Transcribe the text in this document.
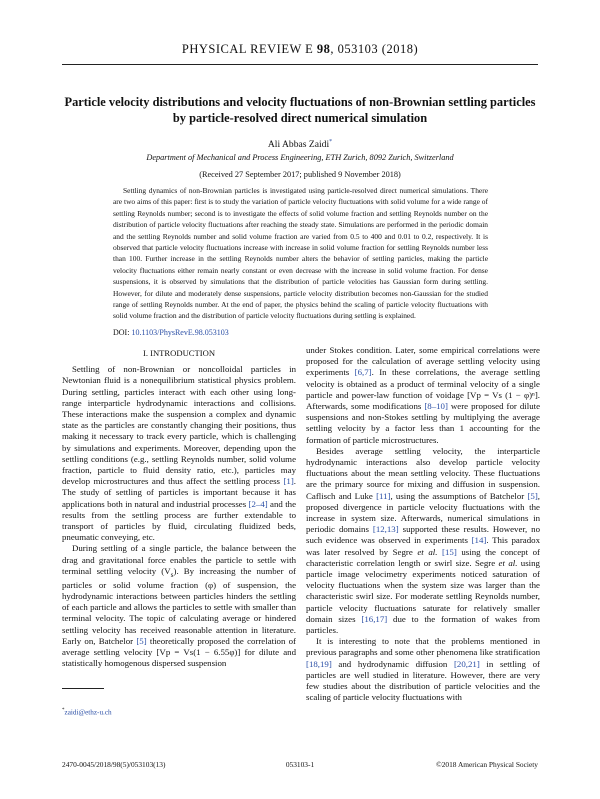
PHYSICAL REVIEW E 98, 053103 (2018)
Particle velocity distributions and velocity fluctuations of non-Brownian settling particles by particle-resolved direct numerical simulation
Ali Abbas Zaidi*
Department of Mechanical and Process Engineering, ETH Zurich, 8092 Zurich, Switzerland
(Received 27 September 2017; published 9 November 2018)
Settling dynamics of non-Brownian particles is investigated using particle-resolved direct numerical simulations. There are two aims of this paper: first is to study the variation of particle velocity fluctuations with solid volume for a wide range of settling Reynolds number; second is to investigate the effects of solid volume fraction and settling Reynolds number on the distribution of particle velocity fluctuations after reaching the steady state. Simulations are performed in the periodic domain and the settling Reynolds number and solid volume fraction are varied from 0.5 to 400 and 0.01 to 0.2, respectively. It is observed that particle velocity fluctuations increase with increase in solid volume fraction for settling Reynolds number less than 100. Further increase in the settling Reynolds number alters the behavior of settling particles, making the particle velocity fluctuations either remain nearly constant or even decrease with the increase in solid volume fraction. For dense suspensions, it is observed by simulations that the distribution of particle velocities has Gaussian form during settling. However, for dilute and moderately dense suspensions, particle velocity distribution becomes non-Gaussian for the studied range of settling Reynolds number. At the end of paper, the physics behind the scaling of particle velocity fluctuations with solid volume fraction and the distribution of particle velocity fluctuations during settling is explained.
DOI: 10.1103/PhysRevE.98.053103

I. INTRODUCTION

Settling of non-Brownian or noncolloidal particles in Newtonian fluid is a nonequilibrium statistical physics problem. During settling, particles interact with each other using long-range interparticle hydrodynamic interactions and collisions. These interactions make the suspension a complex and dynamic state as the particles are constantly changing their positions, thus making it necessary to track every particle, which is challenging by simulations and experiments. Moreover, depending upon the settling conditions (e.g., settling Reynolds number, solid volume fraction, particle to fluid density ratio, etc.), particles may develop microstructures and thus affect the settling process [1]. The study of settling of particles is important because it has applications both in natural and industrial processes [2–4] and the results from the settling process are further extendable to transport of particles by fluid, circulating fluidized beds, pneumatic conveying, etc.

During settling of a single particle, the balance between the drag and gravitational force enables the particle to settle with terminal settling velocity $(V_s)$. By increasing the number of particles or solid volume fraction (φ) of suspension, the hydrodynamic interactions between particles hinders the settling of each particle and allows the particles to settle with smaller than terminal velocity. The topic of calculating average or hindered settling velocity has received reasonable attention in literature. Early on, Batchelor [5] theoretically proposed the correlation of average settling velocity [Vp = Vs(1 − 6.55φ)] for dilute and statistically homogenous dispersed suspension

under Stokes condition. Later, some empirical correlations were proposed for the calculation of average settling velocity using experiments [6,7]. In these correlations, the average settling velocity is obtained as a product of terminal velocity of a single particle and power-law function of voidage [Vp = Vs (1 − φ)ⁿ]. Afterwards, some modifications [8–10] were proposed for dilute suspensions and non-Stokes settling by multiplying the average settling velocity by a factor less than 1 accounting for the formation of particle microstructures.

Besides average settling velocity, the interparticle hydrodynamic interactions also develop particle velocity fluctuations about the mean settling velocity. These fluctuations are the primary source for mixing and diffusion in suspension. Caflisch and Luke [11], using the assumptions of Batchelor [5], proposed divergence in particle velocity fluctuations with the increase in system size. Afterwards, numerical simulations in periodic domains [12,13] supported these results. However, no such evidence was observed in experiments [14]. This paradox was later resolved by Segre et al. [15] using the concept of characteristic correlation length or swirl size. Segre et al. using particle image velocimetry experiments noticed saturation of velocity fluctuations when the system size was larger than the characteristic swirl size. For moderate settling Reynolds number, particle velocity fluctuations saturate for relatively smaller domain sizes [16,17] due to the formation of wakes from particles.

It is interesting to note that the problems mentioned in previous paragraphs and some other phenomena like stratification [18,19] and hydrodynamic diffusion [20,21] in settling of particles are well studied in literature. However, there are very few studies about the distribution of particle velocities and the scaling of particle velocity fluctuations with

*zaidi@ethz-u.ch
2470-0045/2018/98(5)/053103(13)	053103-1	©2018 American Physical Society
